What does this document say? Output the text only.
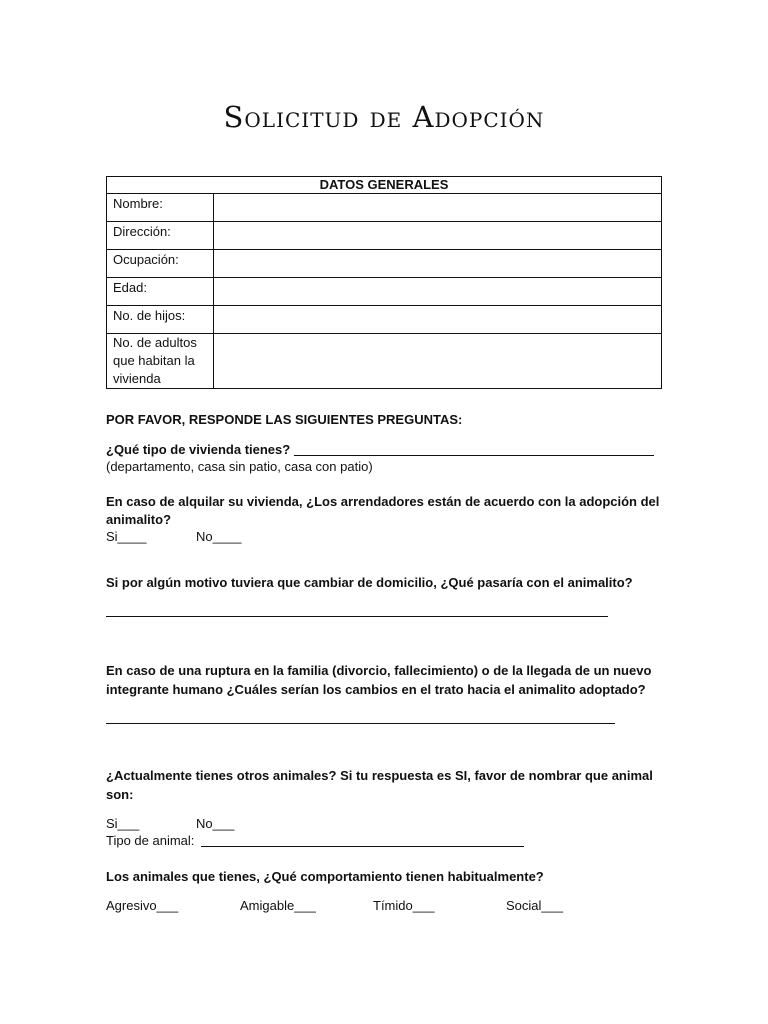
Solicitud de Adopción
DATOS GENERALES	
Nombre:	
Dirección:	
Ocupación:	
Edad:	
No. de hijos:	
No. de adultos que habitan la vivienda	
POR FAVOR, RESPONDE LAS SIGUIENTES PREGUNTAS:
¿Qué tipo de vivienda tienes?
(departamento, casa sin patio, casa con patio)
En caso de alquilar su vivienda, ¿Los arrendadores están de acuerdo con la adopción del
animalito?
Si____	No____
Si por algún motivo tuviera que cambiar de domicilio, ¿Qué pasaría con el animalito?
En caso de una ruptura en la familia (divorcio, fallecimiento) o de la llegada de un nuevo
integrante humano ¿Cuáles serían los cambios en el trato hacia el animalito adoptado?
¿Actualmente tienes otros animales? Si tu respuesta es SI, favor de nombrar que animal
son:
Si___	No___
Tipo de animal:
Los animales que tienes, ¿Qué comportamiento tienen habitualmente?
Agresivo___	Amigable___	Tímido___	Social___
